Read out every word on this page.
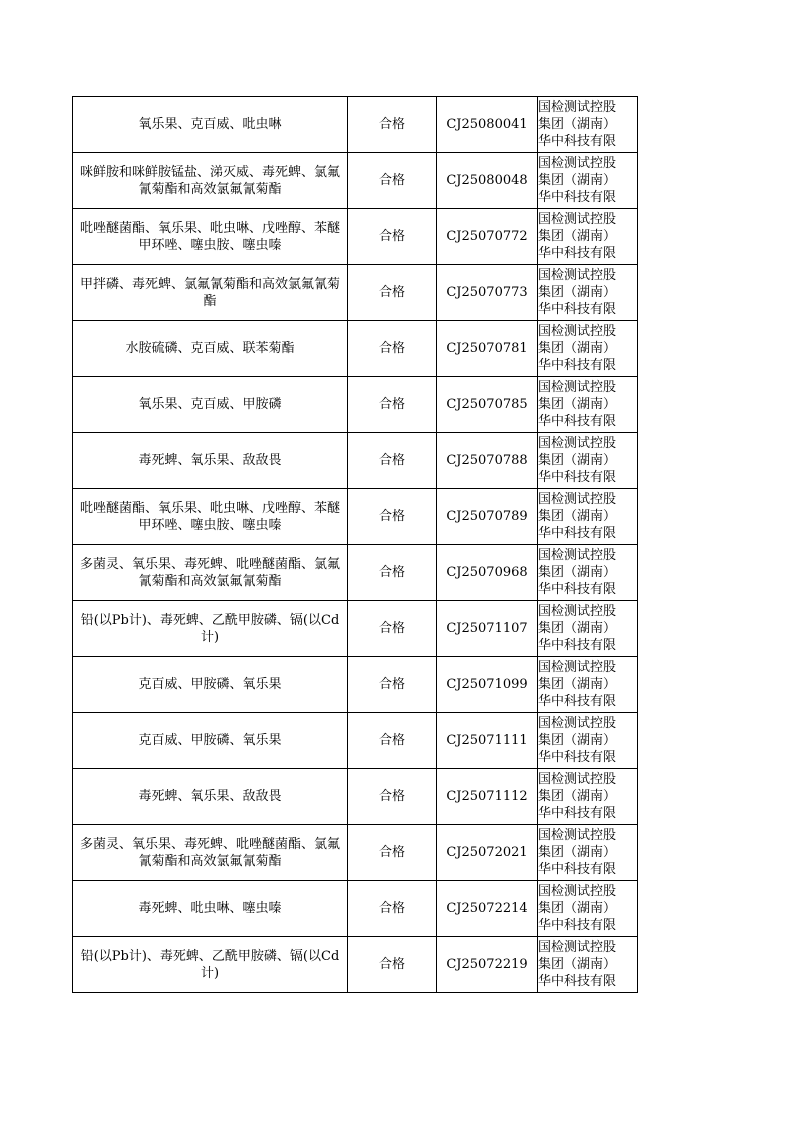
氧乐果、克百威、吡虫啉	合格	CJ25080041	国检测试控股
集团（湖南）
华中科技有限

咪鲜胺和咪鲜胺锰盐、涕灭威、毒死蜱、氯氟氰菊酯和高效氯氟氰菊酯	合格	CJ25080048	国检测试控股
集团（湖南）
华中科技有限

吡唑醚菌酯、氧乐果、吡虫啉、戊唑醇、苯醚甲环唑、噻虫胺、噻虫嗪	合格	CJ25070772	国检测试控股
集团（湖南）
华中科技有限

甲拌磷、毒死蜱、氯氟氰菊酯和高效氯氟氰菊酯	合格	CJ25070773	国检测试控股
集团（湖南）
华中科技有限

水胺硫磷、克百威、联苯菊酯	合格	CJ25070781	国检测试控股
集团（湖南）
华中科技有限

氧乐果、克百威、甲胺磷	合格	CJ25070785	国检测试控股
集团（湖南）
华中科技有限

毒死蜱、氧乐果、敌敌畏	合格	CJ25070788	国检测试控股
集团（湖南）
华中科技有限

吡唑醚菌酯、氧乐果、吡虫啉、戊唑醇、苯醚甲环唑、噻虫胺、噻虫嗪	合格	CJ25070789	国检测试控股
集团（湖南）
华中科技有限

多菌灵、氧乐果、毒死蜱、吡唑醚菌酯、氯氟氰菊酯和高效氯氟氰菊酯	合格	CJ25070968	国检测试控股
集团（湖南）
华中科技有限

铅(以Pb计)、毒死蜱、乙酰甲胺磷、镉(以Cd计)	合格	CJ25071107	国检测试控股
集团（湖南）
华中科技有限

克百威、甲胺磷、氧乐果	合格	CJ25071099	国检测试控股
集团（湖南）
华中科技有限

克百威、甲胺磷、氧乐果	合格	CJ25071111	国检测试控股
集团（湖南）
华中科技有限

毒死蜱、氧乐果、敌敌畏	合格	CJ25071112	国检测试控股
集团（湖南）
华中科技有限

多菌灵、氧乐果、毒死蜱、吡唑醚菌酯、氯氟氰菊酯和高效氯氟氰菊酯	合格	CJ25072021	国检测试控股
集团（湖南）
华中科技有限

毒死蜱、吡虫啉、噻虫嗪	合格	CJ25072214	国检测试控股
集团（湖南）
华中科技有限

铅(以Pb计)、毒死蜱、乙酰甲胺磷、镉(以Cd计)	合格	CJ25072219	国检测试控股
集团（湖南）
华中科技有限
